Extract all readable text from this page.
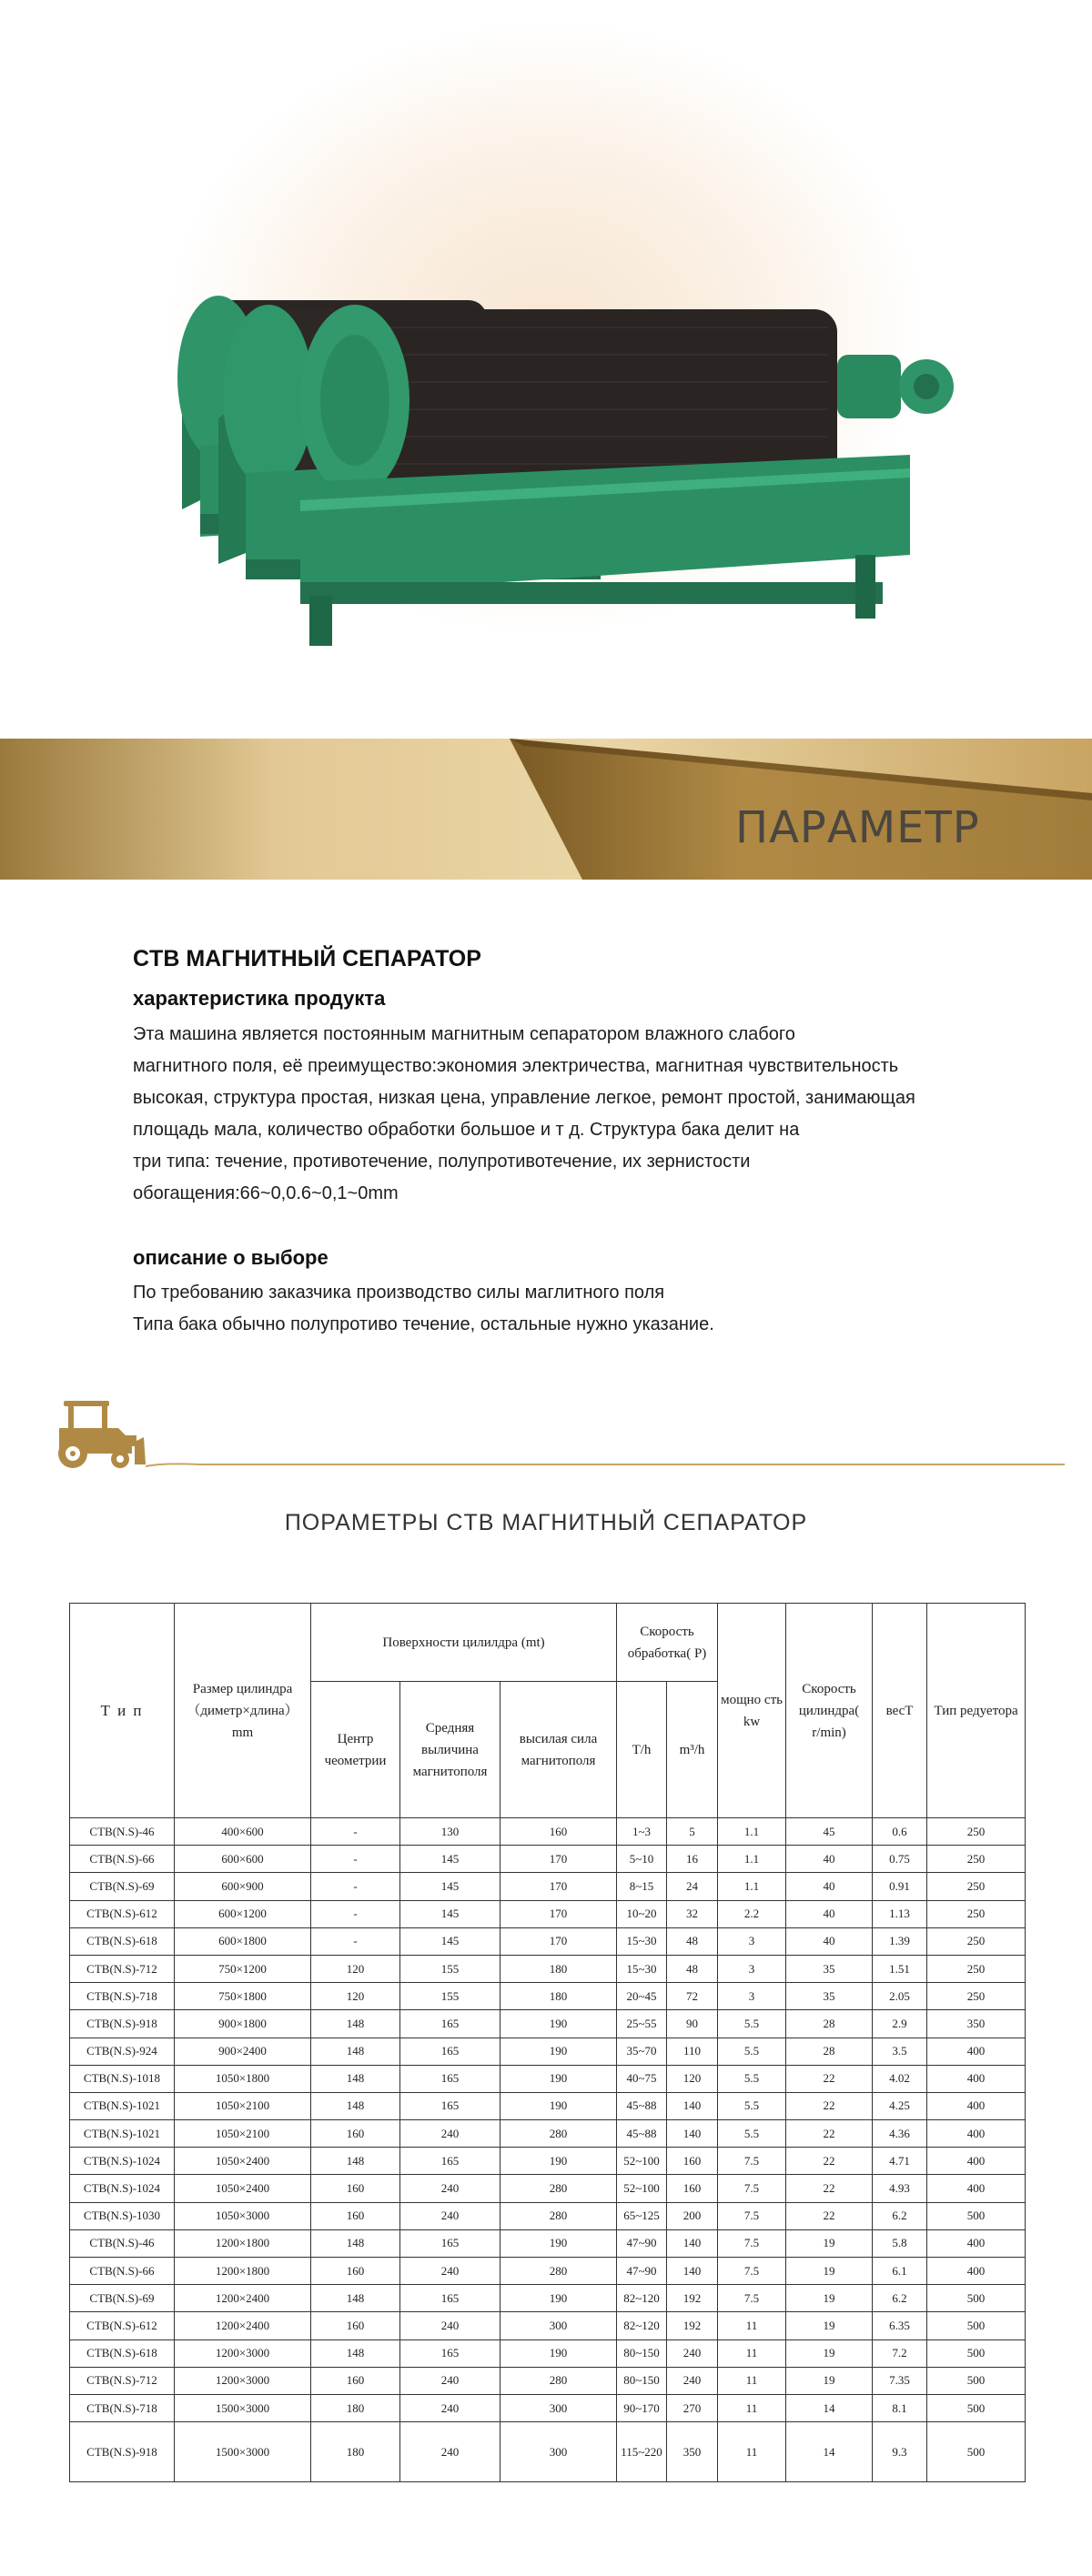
ПАРАМЕТР
CTB МАГНИТНЫЙ СЕПАРАТОР
характеристика продукта
Эта машина является постоянным магнитным сепаратором влажного слабого
магнитного поля, её преимущество:экономия электричества, магнитная чувствительность
высокая, структура простая, низкая цена, управление легкое, ремонт простой, занимающая
площадь мала, количество обработки большое и т д. Структура бака делит на
три типа: течение, противотечение, полупротивотечение, их зернистости
обогащения:66~0,0.6~0,1~0mm
описание о выборе
По требованию заказчика производство силы маглитного поля
Типа бака обычно полупротиво течение, остальные нужно указание.
ПОРАМЕТРЫ CTB МАГНИТНЫЙ СЕПАРАТОР
Т и п	Размер цилиндра （диметр×длина） mm	Поверхности цилилдра (mt)			Скорость обработка( P)		мощно сть kw	Скорость цилиндра( r/min)	весТ	Тип редуеторa
		Центр чеометрии	Средняя выличина магнитополя	высилая сила магнитополя	T/h	m³/h				
CTB(N.S)-46	400×600	-	130	160	1~3	5	1.1	45	0.6	250
CTB(N.S)-66	600×600	-	145	170	5~10	16	1.1	40	0.75	250
CTB(N.S)-69	600×900	-	145	170	8~15	24	1.1	40	0.91	250
CTB(N.S)-612	600×1200	-	145	170	10~20	32	2.2	40	1.13	250
CTB(N.S)-618	600×1800	-	145	170	15~30	48	3	40	1.39	250
CTB(N.S)-712	750×1200	120	155	180	15~30	48	3	35	1.51	250
CTB(N.S)-718	750×1800	120	155	180	20~45	72	3	35	2.05	250
CTB(N.S)-918	900×1800	148	165	190	25~55	90	5.5	28	2.9	350
CTB(N.S)-924	900×2400	148	165	190	35~70	110	5.5	28	3.5	400
CTB(N.S)-1018	1050×1800	148	165	190	40~75	120	5.5	22	4.02	400
CTB(N.S)-1021	1050×2100	148	165	190	45~88	140	5.5	22	4.25	400
CTB(N.S)-1021	1050×2100	160	240	280	45~88	140	5.5	22	4.36	400
CTB(N.S)-1024	1050×2400	148	165	190	52~100	160	7.5	22	4.71	400
CTB(N.S)-1024	1050×2400	160	240	280	52~100	160	7.5	22	4.93	400
CTB(N.S)-1030	1050×3000	160	240	280	65~125	200	7.5	22	6.2	500
CTB(N.S)-46	1200×1800	148	165	190	47~90	140	7.5	19	5.8	400
CTB(N.S)-66	1200×1800	160	240	280	47~90	140	7.5	19	6.1	400
CTB(N.S)-69	1200×2400	148	165	190	82~120	192	7.5	19	6.2	500
CTB(N.S)-612	1200×2400	160	240	300	82~120	192	11	19	6.35	500
CTB(N.S)-618	1200×3000	148	165	190	80~150	240	11	19	7.2	500
CTB(N.S)-712	1200×3000	160	240	280	80~150	240	11	19	7.35	500
CTB(N.S)-718	1500×3000	180	240	300	90~170	270	11	14	8.1	500
CTB(N.S)-918	1500×3000	180	240	300	115~220	350	11	14	9.3	500
